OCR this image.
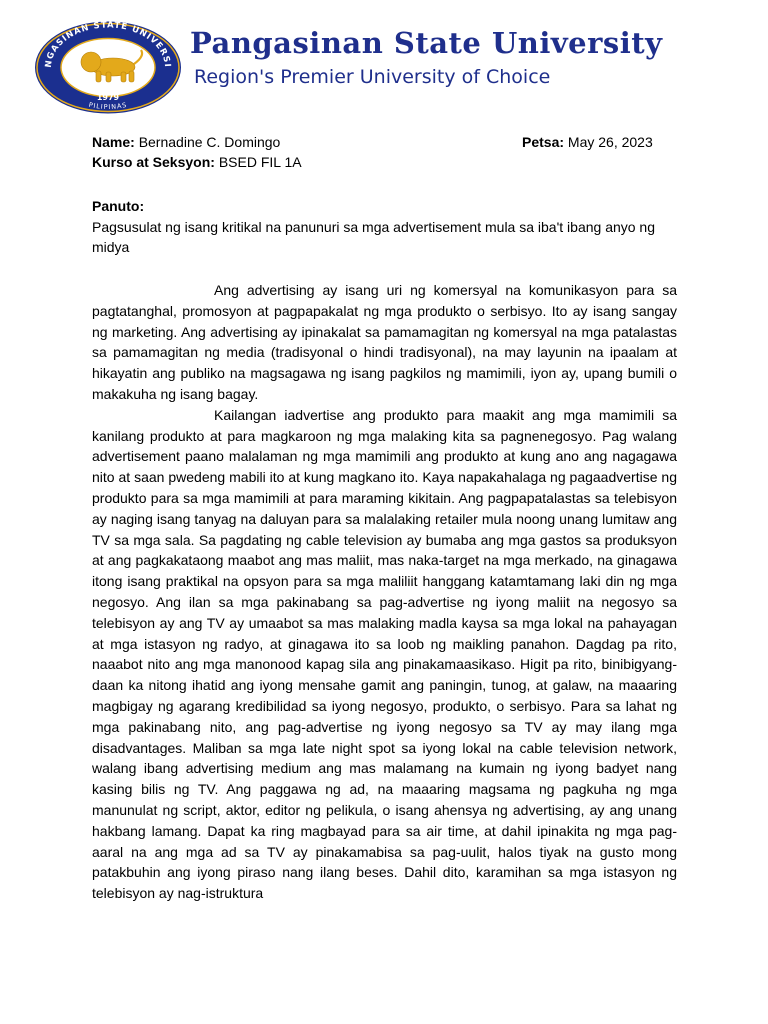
NGASINAN STATE UNIVERSI
PILIPINAS
1979
Pangasinan State University
Region's Premier University of Choice
Name: Bernadine C. Domingo	Petsa: May 26, 2023
Kurso at Seksyon: BSED FIL 1A
Panuto:
Pagsusulat ng isang kritikal na panunuri sa mga advertisement mula sa iba't ibang anyo ng midya

Ang advertising ay isang uri ng komersyal na komunikasyon para sa pagtatanghal, promosyon at pagpapakalat ng mga produkto o serbisyo. Ito ay isang sangay ng marketing. Ang advertising ay ipinakalat sa pamamagitan ng komersyal na mga patalastas sa pamamagitan ng media (tradisyonal o hindi tradisyonal), na may layunin na ipaalam at hikayatin ang publiko na magsagawa ng isang pagkilos ng mamimili, iyon ay, upang bumili o makakuha ng isang bagay.

Kailangan iadvertise ang produkto para maakit ang mga mamimili sa kanilang produkto at para magkaroon ng mga malaking kita sa pagnenegosyo. Pag walang advertisement paano malalaman ng mga mamimili ang produkto at kung ano ang nagagawa nito at saan pwedeng mabili ito at kung magkano ito. Kaya napakahalaga ng pagaadvertise ng produkto para sa mga mamimili at para maraming kikitain. Ang pagpapatalastas sa telebisyon ay naging isang tanyag na daluyan para sa malalaking retailer mula noong unang lumitaw ang TV sa mga sala. Sa pagdating ng cable television ay bumaba ang mga gastos sa produksyon at ang pagkakataong maabot ang mas maliit, mas naka-target na mga merkado, na ginagawa itong isang praktikal na opsyon para sa mga maliliit hanggang katamtamang laki din ng mga negosyo. Ang ilan sa mga pakinabang sa pag-advertise ng iyong maliit na negosyo sa telebisyon ay ang TV ay umaabot sa mas malaking madla kaysa sa mga lokal na pahayagan at mga istasyon ng radyo, at ginagawa ito sa loob ng maikling panahon. Dagdag pa rito, naaabot nito ang mga manonood kapag sila ang pinakamaasikaso. Higit pa rito, binibigyang-daan ka nitong ihatid ang iyong mensahe gamit ang paningin, tunog, at galaw, na maaaring magbigay ng agarang kredibilidad sa iyong negosyo, produkto, o serbisyo. Para sa lahat ng mga pakinabang nito, ang pag-advertise ng iyong negosyo sa TV ay may ilang mga disadvantages. Maliban sa mga late night spot sa iyong lokal na cable television network, walang ibang advertising medium ang mas malamang na kumain ng iyong badyet nang kasing bilis ng TV. Ang paggawa ng ad, na maaaring magsama ng pagkuha ng mga manunulat ng script, aktor, editor ng pelikula, o isang ahensya ng advertising, ay ang unang hakbang lamang. Dapat ka ring magbayad para sa air time, at dahil ipinakita ng mga pag-aaral na ang mga ad sa TV ay pinakamabisa sa pag-uulit, halos tiyak na gusto mong patakbuhin ang iyong piraso nang ilang beses. Dahil dito, karamihan sa mga istasyon ng telebisyon ay nag-istruktura
